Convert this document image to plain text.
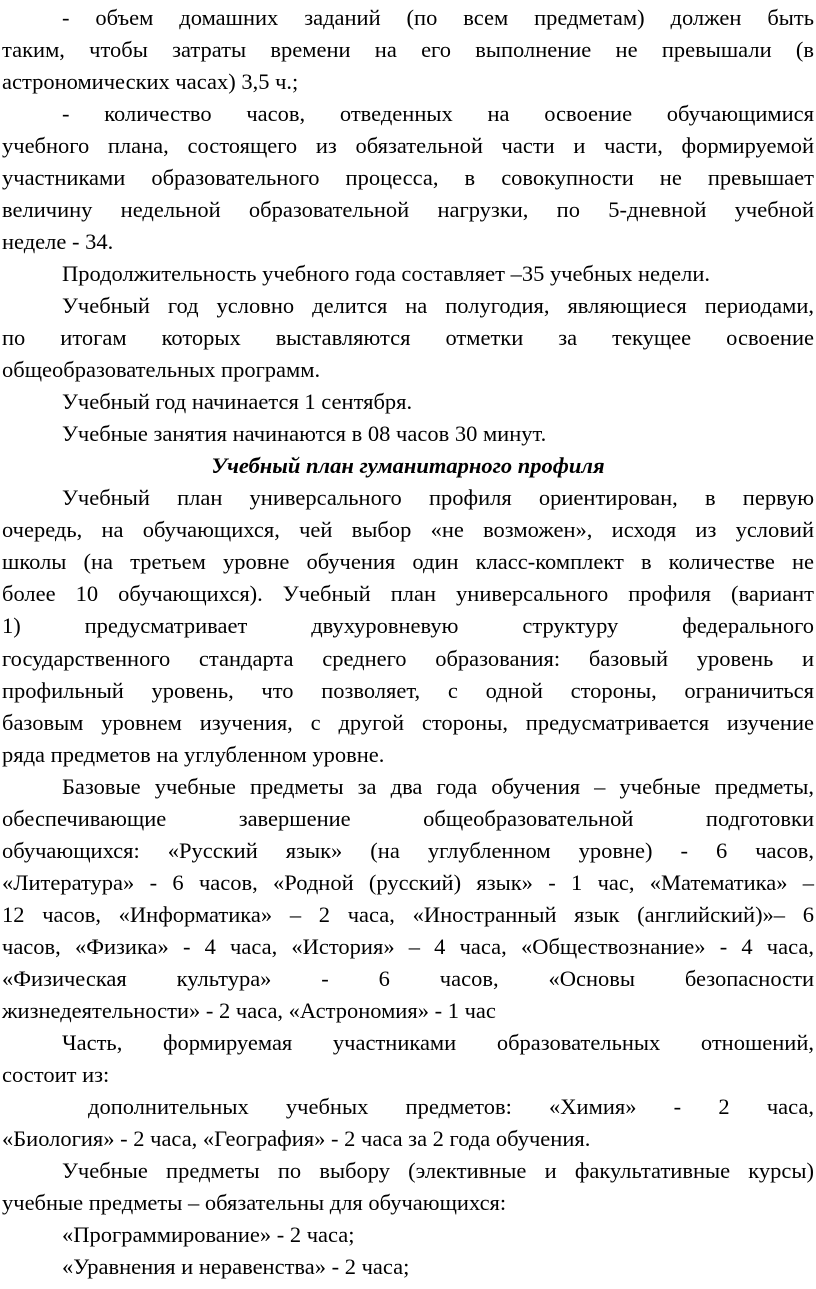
- объем домашних заданий (по всем предметам) должен быть

таким, чтобы затраты времени на его выполнение не превышали (в

астрономических часах) 3,5 ч.;

- количество часов, отведенных на освоение обучающимися

учебного плана, состоящего из обязательной части и части, формируемой

участниками образовательного процесса, в совокупности не превышает

величину недельной образовательной нагрузки, по 5-дневной учебной

неделе - 34.

Продолжительность учебного года составляет –35 учебных недели.

Учебный год условно делится на полугодия, являющиеся периодами,

по итогам которых выставляются отметки за текущее освоение

общеобразовательных программ.

Учебный год начинается 1 сентября.

Учебные занятия начинаются в 08 часов 30 минут.

Учебный план гуманитарного профиля

Учебный план универсального профиля ориентирован, в первую

очередь, на обучающихся, чей выбор «не возможен», исходя из условий

школы (на третьем уровне обучения один класс-комплект в количестве не

более 10 обучающихся). Учебный план универсального профиля (вариант

1) предусматривает двухуровневую структуру федерального

государственного стандарта среднего образования: базовый уровень и

профильный уровень, что позволяет, с одной стороны, ограничиться

базовым уровнем изучения, с другой стороны, предусматривается изучение

ряда предметов на углубленном уровне.

Базовые учебные предметы за два года обучения – учебные предметы,

обеспечивающие завершение общеобразовательной подготовки

обучающихся: «Русский язык» (на углубленном уровне) - 6 часов,

«Литература» - 6 часов, «Родной (русский) язык» - 1 час, «Математика» –

12 часов, «Информатика» – 2 часа, «Иностранный язык (английский)»– 6

часов, «Физика» - 4 часа, «История» – 4 часа, «Обществознание» - 4 часа,

«Физическая культура» - 6 часов, «Основы безопасности

жизнедеятельности» - 2 часа, «Астрономия» - 1 час

Часть, формируемая участниками образовательных отношений,

состоит из:

«Программирование» - 2 часа;

«Уравнения и неравенства» - 2 часа;

дополнительных учебных предметов: «Химия» - 2 часа,

«Биология» - 2 часа, «География» - 2 часа за 2 года обучения.

Учебные предметы по выбору (элективные и факультативные курсы)

учебные предметы – обязательны для обучающихся:
